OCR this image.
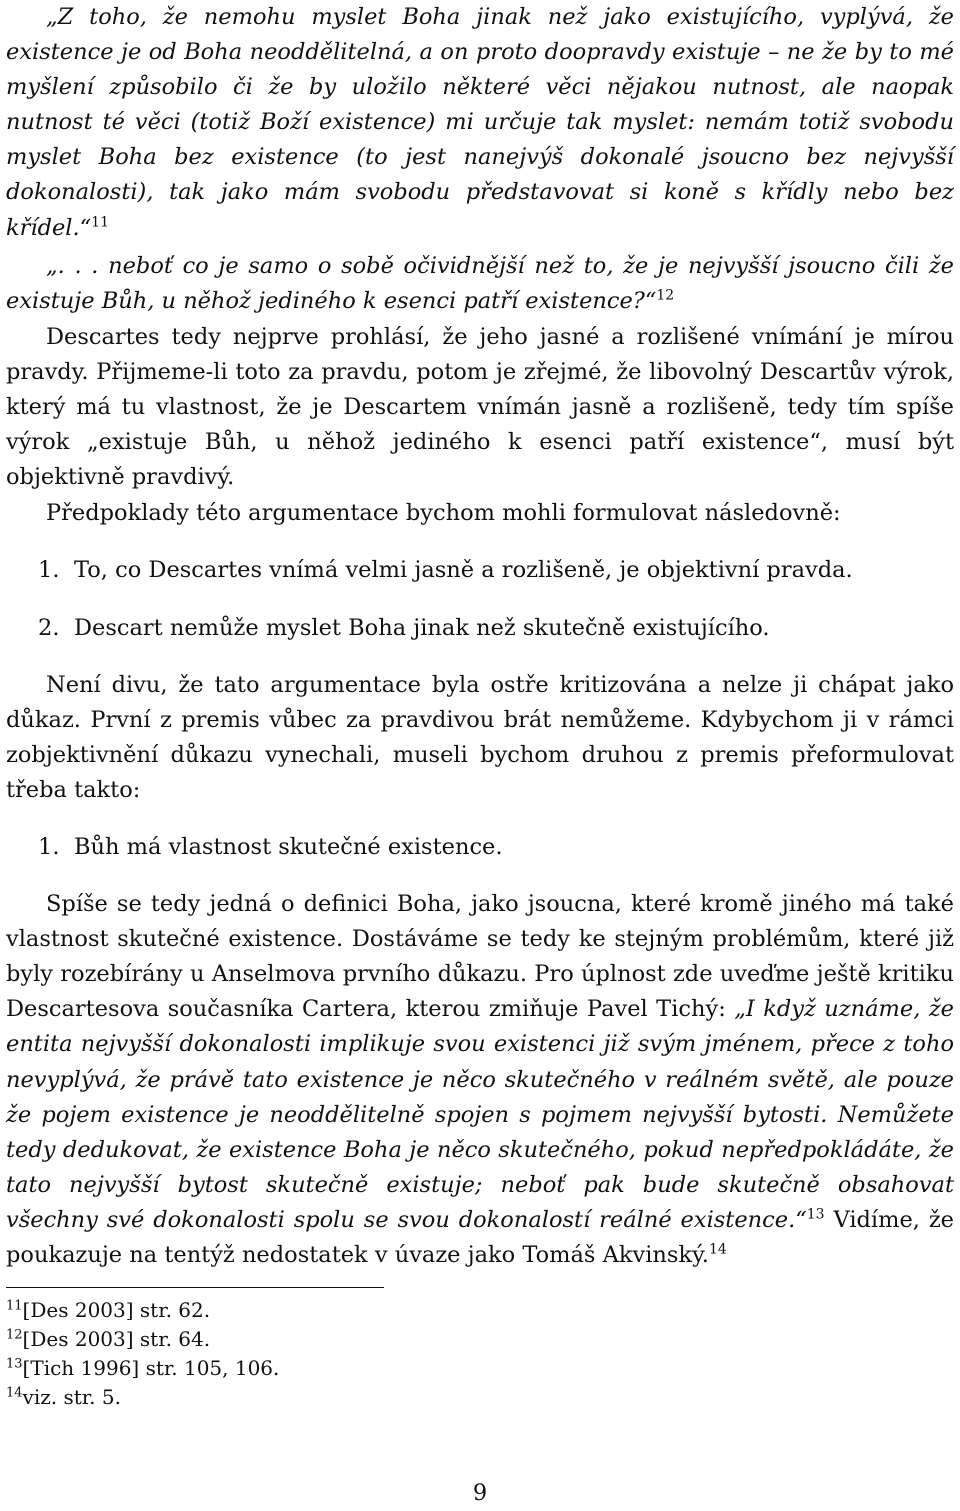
„Z toho, že nemohu myslet Boha jinak než jako existujícího, vyplývá, že existence je od Boha neoddělitelná, a on proto doopravdy existuje – ne že by to mé myšlení způsobilo či že by uložilo některé věci nějakou nutnost, ale naopak nutnost té věci (totiž Boží existence) mi určuje tak myslet: nemám totiž svobodu myslet Boha bez existence (to jest nanejvýš dokonalé jsoucno bez nejvyšší dokonalosti), tak jako mám svobodu představovat si koně s křídly nebo bez křídel.“$^{11}$

„. . . neboť co je samo o sobě očividnější než to, že je nejvyšší jsoucno čili že existuje Bůh, u něhož jediného k esenci patří existence?“$^{12}$

Descartes tedy nejprve prohlásí, že jeho jasné a rozlišené vnímání je mírou pravdy. Přijmeme-li toto za pravdu, potom je zřejmé, že libovolný Descartův výrok, který má tu vlastnost, že je Descartem vnímán jasně a rozlišeně, tedy tím spíše výrok „existuje Bůh, u něhož jediného k esenci patří existence“, musí být objektivně pravdivý.

Předpoklady této argumentace bychom mohli formulovat následovně:

1. To, co Descartes vnímá velmi jasně a rozlišeně, je objektivní pravda.
2. Descart nemůže myslet Boha jinak než skutečně existujícího.

Není divu, že tato argumentace byla ostře kritizována a nelze ji chápat jako důkaz. První z premis vůbec za pravdivou brát nemůžeme. Kdybychom ji v rámci zobjektivnění důkazu vynechali, museli bychom druhou z premis přeformulovat třeba takto:

1. Bůh má vlastnost skutečné existence.

Spíše se tedy jedná o definici Boha, jako jsoucna, které kromě jiného má také vlastnost skutečné existence. Dostáváme se tedy ke stejným problémům, které již byly rozebírány u Anselmova prvního důkazu. Pro úplnost zde uveďme ještě kritiku Descartesova současníka Cartera, kterou zmiňuje Pavel Tichý: „I když uznáme, že entita nejvyšší dokonalosti implikuje svou existenci již svým jménem, přece z toho nevyplývá, že právě tato existence je něco skutečného v reálném světě, ale pouze že pojem existence je neoddělitelně spojen s pojmem nejvyšší bytosti. Nemůžete tedy dedukovat, že existence Boha je něco skutečného, pokud nepředpokládáte, že tato nejvyšší bytost skutečně existuje; neboť pak bude skutečně obsahovat všechny své dokonalosti spolu se svou dokonalostí reálné existence.“$^{13}$ Vidíme, že poukazuje na tentýž nedostatek v úvaze jako Tomáš Akvinský.$^{14}$

$^{11}$[Des 2003] str. 62.
$^{12}$[Des 2003] str. 64.
$^{13}$[Tich 1996] str. 105, 106.
$^{14}$viz. str. 5.
9
